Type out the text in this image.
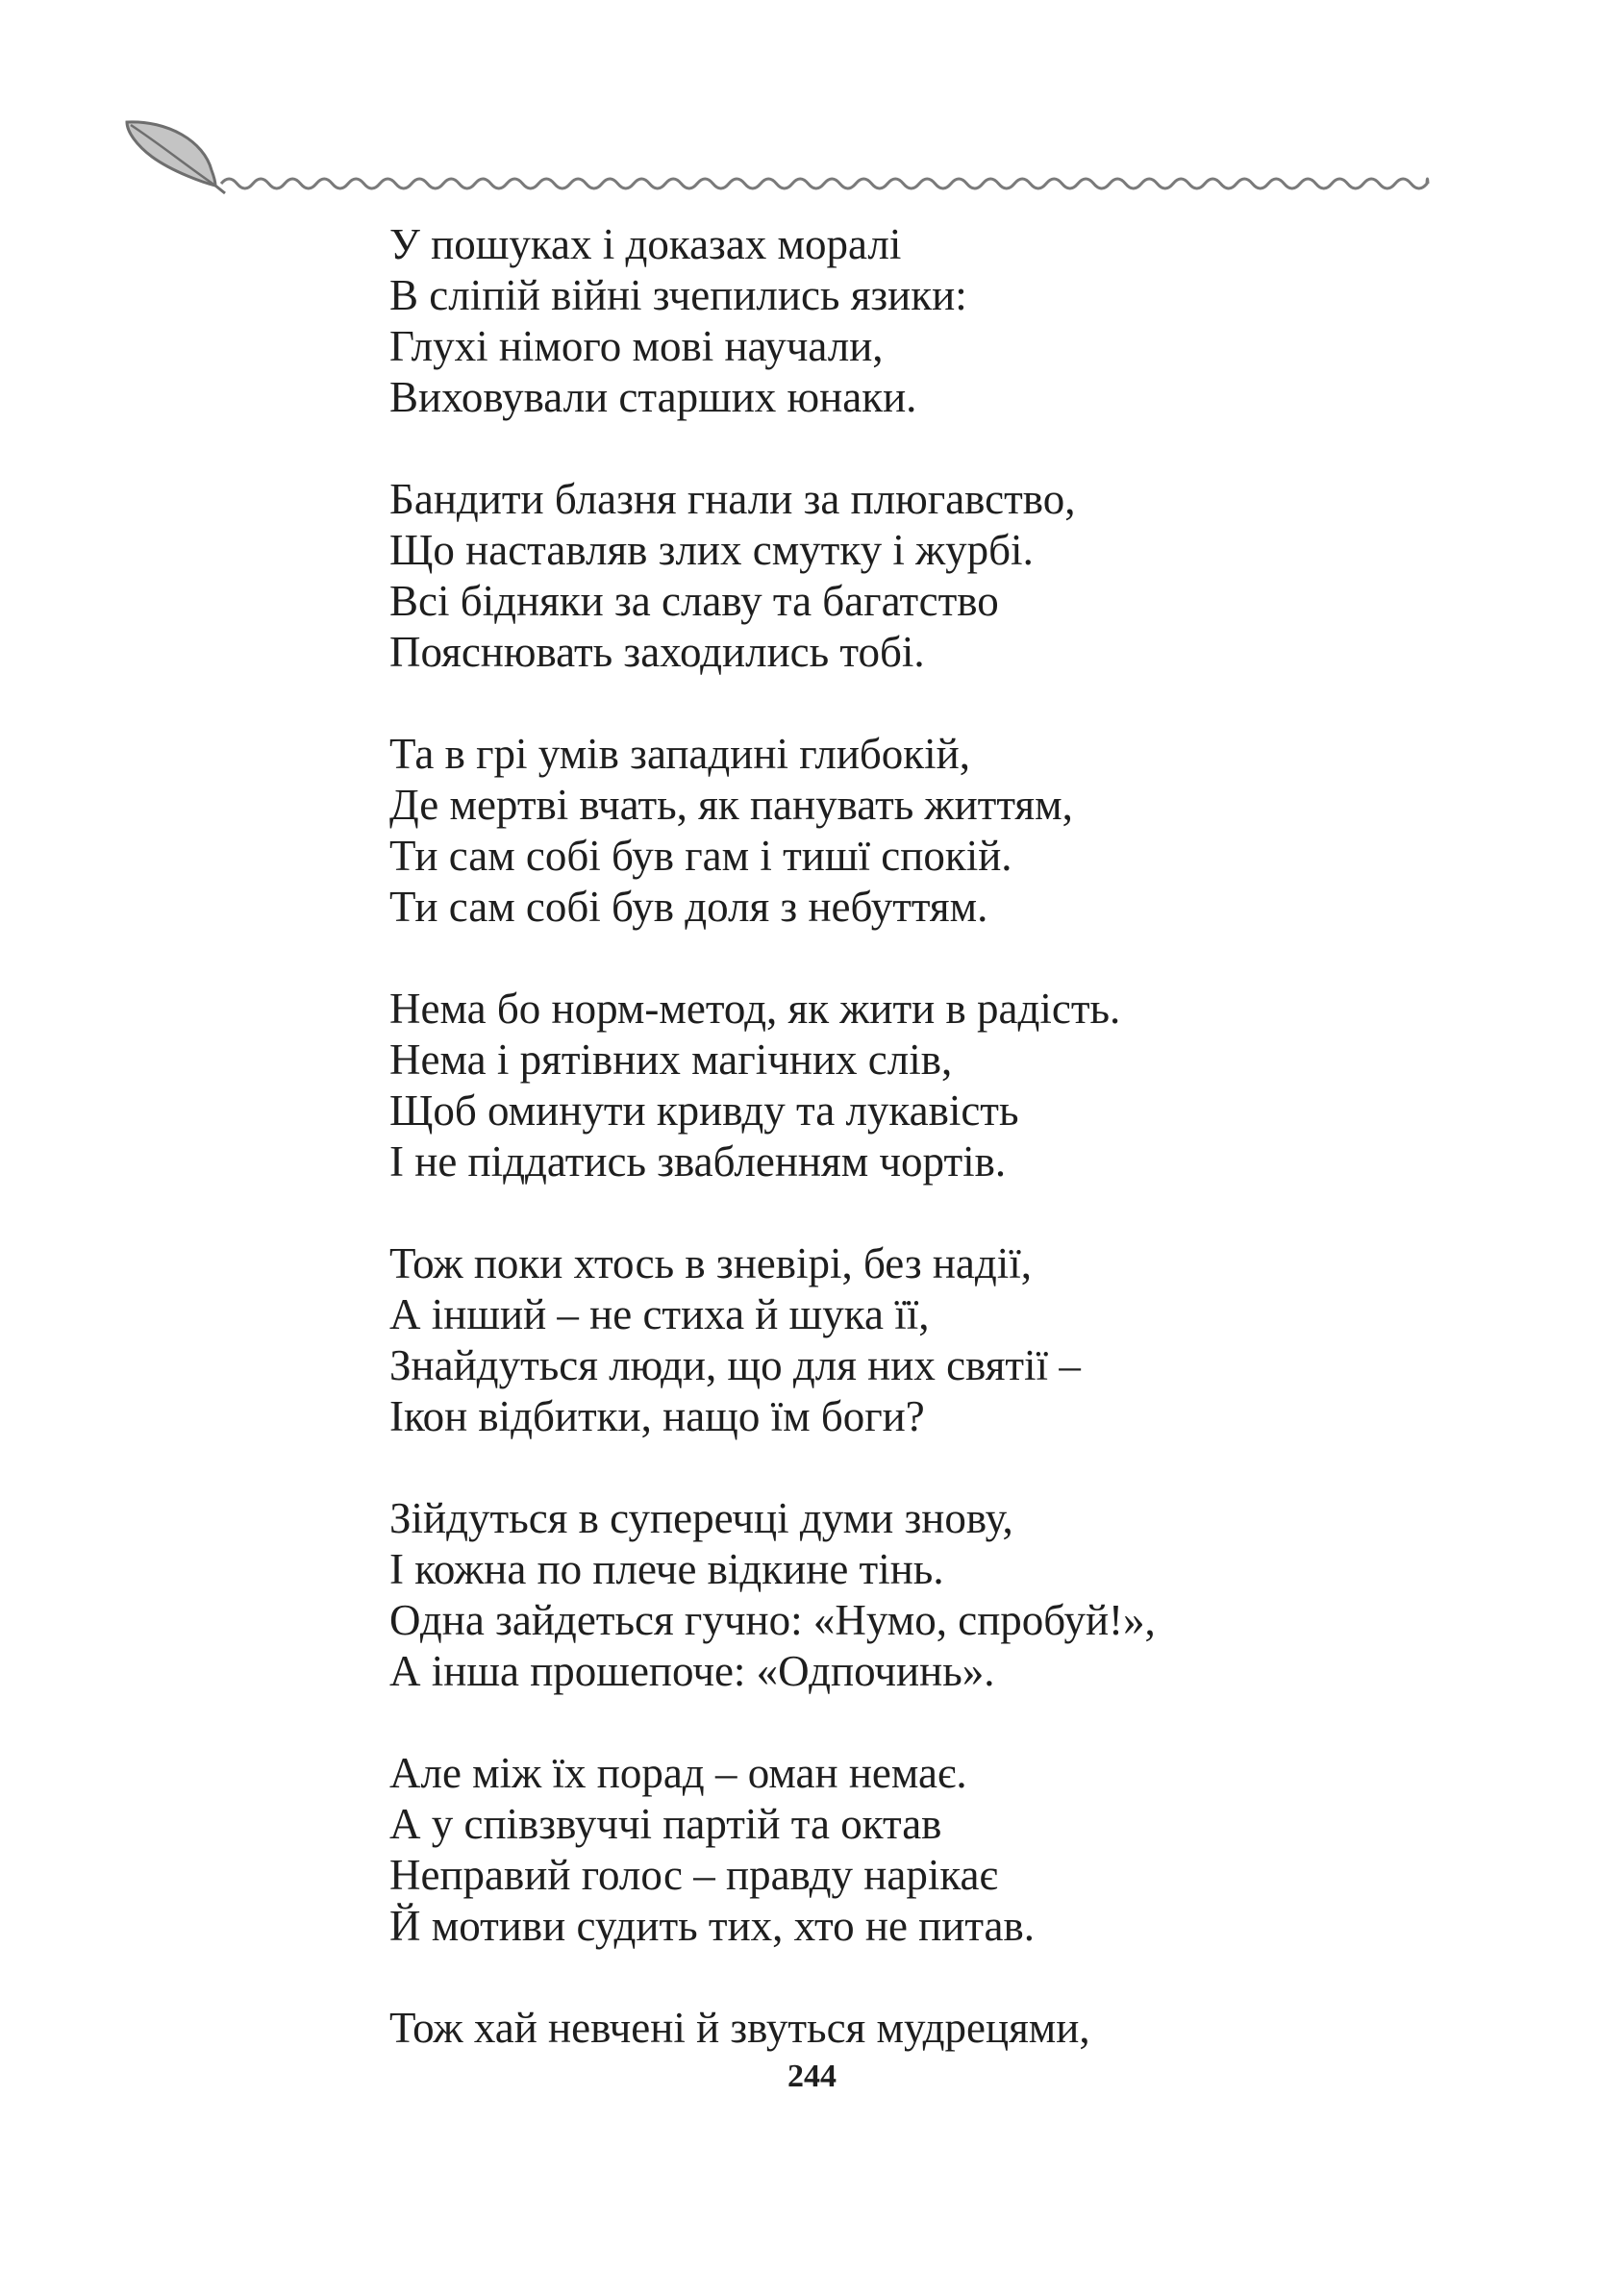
У пошуках і доказах моралі
В сліпій війні зчепились язики:
Глухі німого мові научали,
Виховували старших юнаки.
Бандити блазня гнали за плюгавство,
Що наставляв злих смутку і журбі.
Всі бідняки за славу та багатство
Пояснювать заходились тобі.
Та в грі умів западині глибокій,
Де мертві вчать, як панувать життям,
Ти сам собі був гам і тишї спокій.
Ти сам собі був доля з небуттям.
Нема бо норм-метод, як жити в радість.
Нема і рятівних магічних слів,
Щоб оминути кривду та лукавість
І не піддатись звабленням чортів.
Тож поки хтось в зневірі, без надії,
А інший – не стиха й шука її,
Знайдуться люди, що для них святії –
Ікон відбитки, нащо їм боги?
Зійдуться в суперечці думи знову,
І кожна по плече відкине тінь.
Одна зайдеться гучно: «Нумо, спробуй!»,
А інша прошепоче: «Одпочинь».
Але між їх порад – оман немає.
А у співзвуччі партій та октав
Неправий голос – правду нарікає
Й мотиви судить тих, хто не питав.
Тож хай невчені й звуться мудрецями,
244
